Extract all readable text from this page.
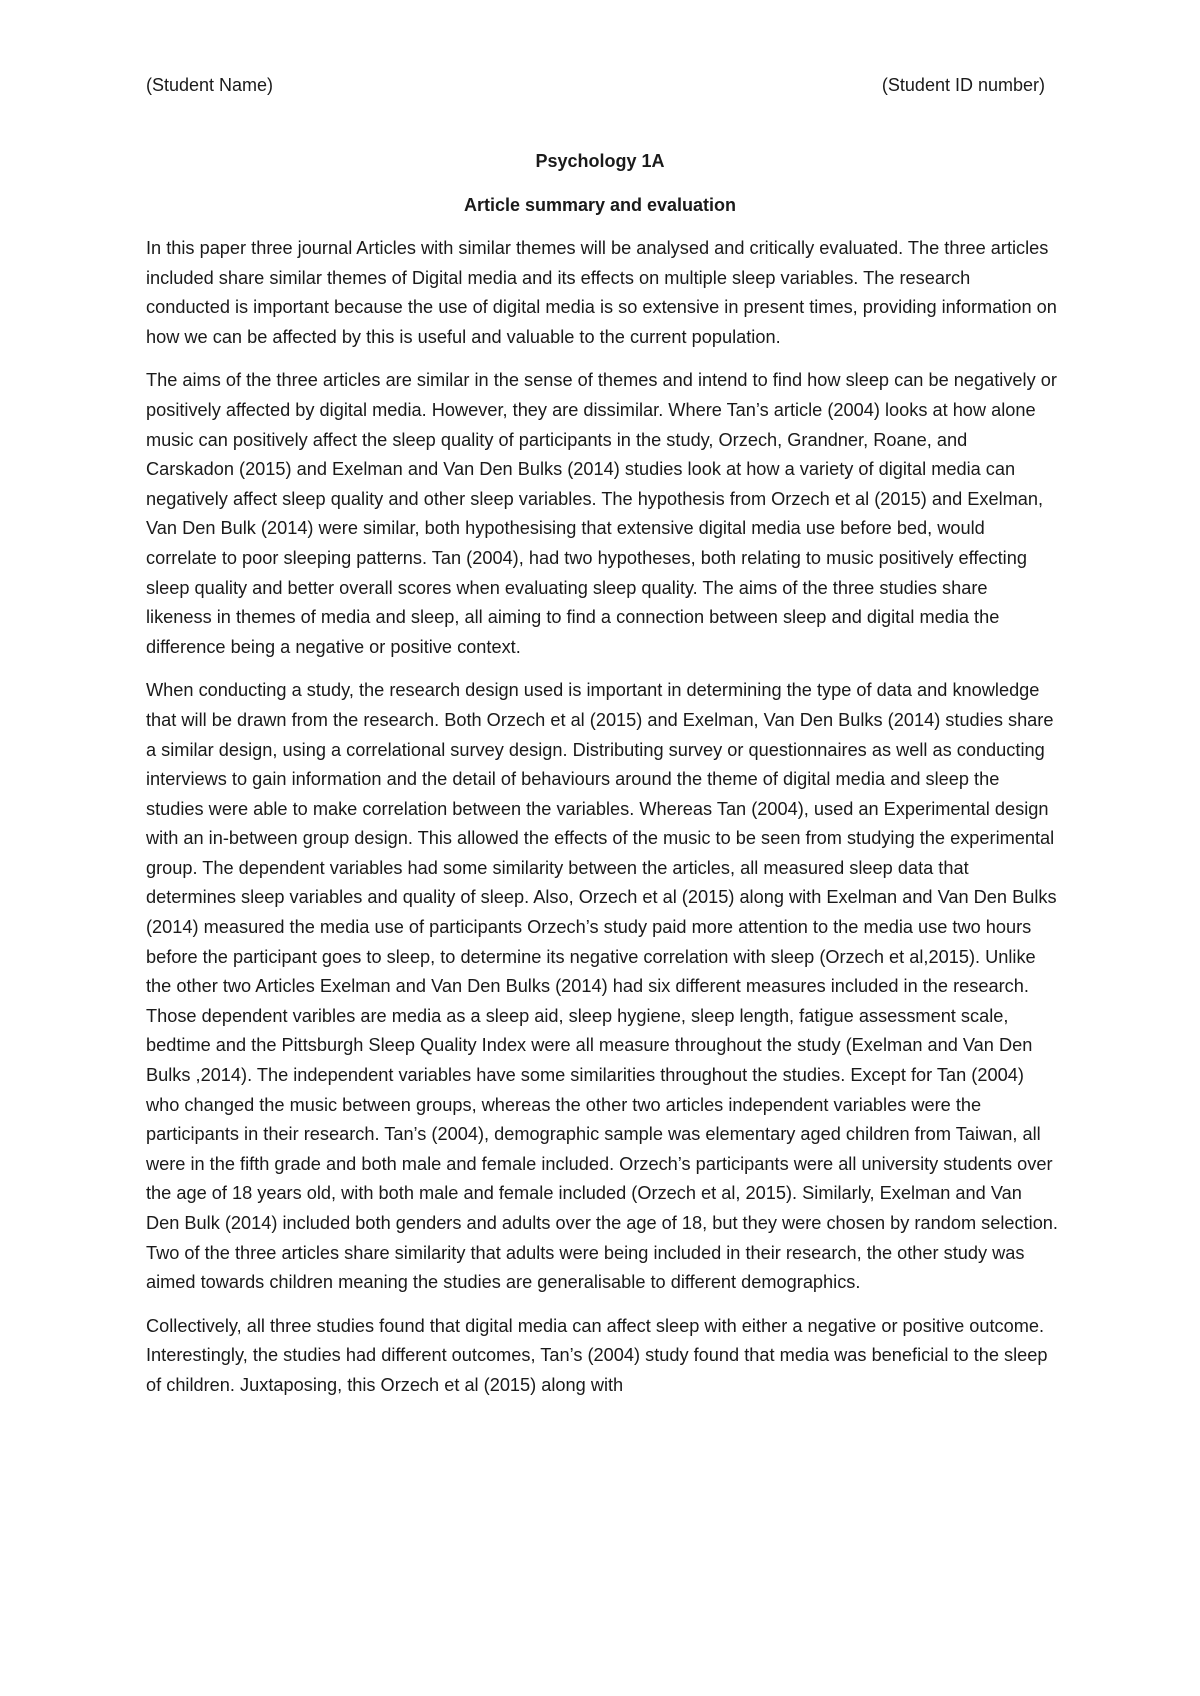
(Student Name)	(Student ID number)
Psychology 1A
Article summary and evaluation

In this paper three journal Articles with similar themes will be analysed and critically evaluated. The three articles included share similar themes of Digital media and its effects on multiple sleep variables. The research conducted is important because the use of digital media is so extensive in present times, providing information on how we can be affected by this is useful and valuable to the current population.

The aims of the three articles are similar in the sense of themes and intend to find how sleep can be negatively or positively affected by digital media. However, they are dissimilar. Where Tan’s article (2004) looks at how alone music can positively affect the sleep quality of participants in the study, Orzech, Grandner, Roane, and Carskadon (2015) and Exelman and Van Den Bulks (2014) studies look at how a variety of digital media can negatively affect sleep quality and other sleep variables. The hypothesis from Orzech et al (2015) and Exelman, Van Den Bulk (2014) were similar, both hypothesising that extensive digital media use before bed, would correlate to poor sleeping patterns. Tan (2004), had two hypotheses, both relating to music positively effecting sleep quality and better overall scores when evaluating sleep quality. The aims of the three studies share likeness in themes of media and sleep, all aiming to find a connection between sleep and digital media the difference being a negative or positive context.

When conducting a study, the research design used is important in determining the type of data and knowledge that will be drawn from the research. Both Orzech et al (2015) and Exelman, Van Den Bulks (2014) studies share a similar design, using a correlational survey design. Distributing survey or questionnaires as well as conducting interviews to gain information and the detail of behaviours around the theme of digital media and sleep the studies were able to make correlation between the variables. Whereas Tan (2004), used an Experimental design with an in-between group design. This allowed the effects of the music to be seen from studying the experimental group. The dependent variables had some similarity between the articles, all measured sleep data that determines sleep variables and quality of sleep. Also, Orzech et al (2015) along with Exelman and Van Den Bulks (2014) measured the media use of participants Orzech’s study paid more attention to the media use two hours before the participant goes to sleep, to determine its negative correlation with sleep (Orzech et al,2015). Unlike the other two Articles Exelman and Van Den Bulks (2014) had six different measures included in the research. Those dependent varibles are media as a sleep aid, sleep hygiene, sleep length, fatigue assessment scale, bedtime and the Pittsburgh Sleep Quality Index were all measure throughout the study (Exelman and Van Den Bulks ,2014). The independent variables have some similarities throughout the studies. Except for Tan (2004) who changed the music between groups, whereas the other two articles independent variables were the participants in their research. Tan’s (2004), demographic sample was elementary aged children from Taiwan, all were in the fifth grade and both male and female included. Orzech’s participants were all university students over the age of 18 years old, with both male and female included (Orzech et al, 2015). Similarly, Exelman and Van Den Bulk (2014) included both genders and adults over the age of 18, but they were chosen by random selection. Two of the three articles share similarity that adults were being included in their research, the other study was aimed towards children meaning the studies are generalisable to different demographics.

Collectively, all three studies found that digital media can affect sleep with either a negative or positive outcome. Interestingly, the studies had different outcomes, Tan’s (2004) study found that media was beneficial to the sleep of children. Juxtaposing, this Orzech et al (2015) along with
